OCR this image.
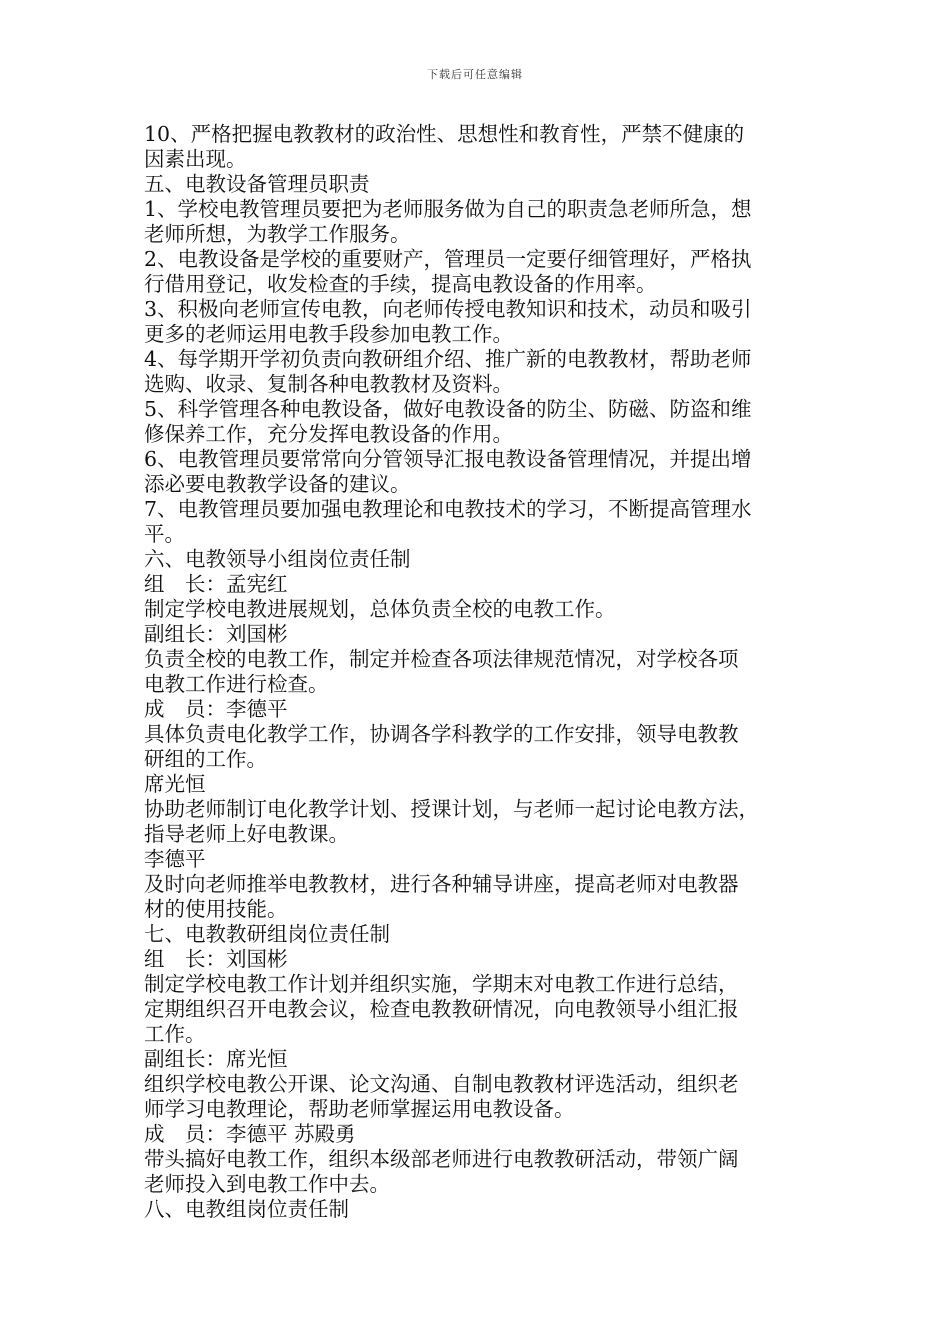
下载后可任意编辑
10、严格把握电教教材的政治性、思想性和教育性，严禁不健康的
因素出现。
五、电教设备管理员职责
1、学校电教管理员要把为老师服务做为自己的职责急老师所急，想
老师所想，为教学工作服务。
2、电教设备是学校的重要财产，管理员一定要仔细管理好，严格执
行借用登记，收发检查的手续，提高电教设备的作用率。
3、积极向老师宣传电教，向老师传授电教知识和技术，动员和吸引
更多的老师运用电教手段参加电教工作。
4、每学期开学初负责向教研组介绍、推广新的电教教材，帮助老师
选购、收录、复制各种电教教材及资料。
5、科学管理各种电教设备，做好电教设备的防尘、防磁、防盗和维
修保养工作，充分发挥电教设备的作用。
6、电教管理员要常常向分管领导汇报电教设备管理情况，并提出增
添必要电教教学设备的建议。
7、电教管理员要加强电教理论和电教技术的学习，不断提高管理水
平。
六、电教领导小组岗位责任制
组　长：孟宪红
制定学校电教进展规划，总体负责全校的电教工作。
副组长：刘国彬
负责全校的电教工作，制定并检查各项法律规范情况，对学校各项
电教工作进行检查。
成　员：李德平
具体负责电化教学工作，协调各学科教学的工作安排，领导电教教
研组的工作。
席光恒
协助老师制订电化教学计划、授课计划，与老师一起讨论电教方法，
指导老师上好电教课。
李德平
及时向老师推举电教教材，进行各种辅导讲座，提高老师对电教器
材的使用技能。
七、电教教研组岗位责任制
组　长：刘国彬
制定学校电教工作计划并组织实施，学期末对电教工作进行总结，
定期组织召开电教会议，检查电教教研情况，向电教领导小组汇报
工作。
副组长：席光恒
组织学校电教公开课、论文沟通、自制电教教材评选活动，组织老
师学习电教理论，帮助老师掌握运用电教设备。
成　员：李德平 苏殿勇
带头搞好电教工作，组织本级部老师进行电教教研活动，带领广阔
老师投入到电教工作中去。
八、电教组岗位责任制
